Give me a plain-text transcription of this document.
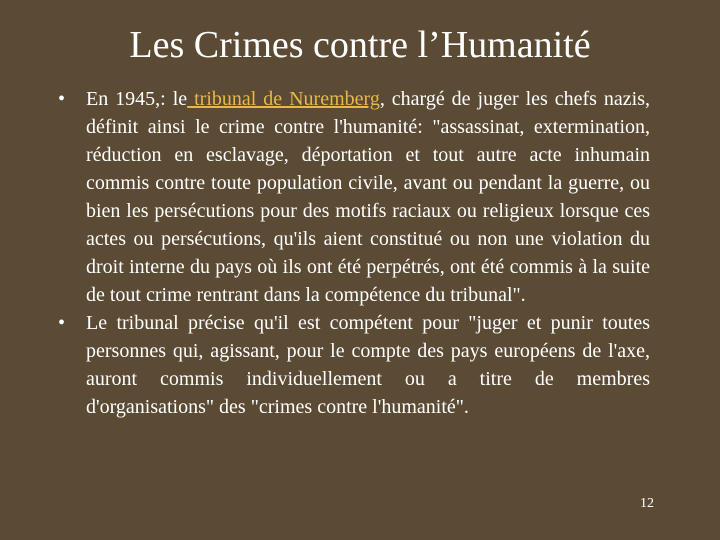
Les Crimes contre l’Humanité
•	En 1945,: le tribunal de Nuremberg, chargé de juger les chefs nazis, définit ainsi le crime contre l'humanité: "assassinat, extermination, réduction en esclavage, déportation et tout autre acte inhumain commis contre toute population civile, avant ou pendant la guerre, ou bien les persécutions pour des motifs raciaux ou religieux lorsque ces actes ou persécutions, qu'ils aient constitué ou non une violation du droit interne du pays où ils ont été perpétrés, ont été commis à la suite de tout crime rentrant dans la compétence du tribunal".
•	Le tribunal précise qu'il est compétent pour "juger et punir toutes personnes qui, agissant, pour le compte des pays européens de l'axe, auront commis individuellement ou a titre de membres d'organisations" des "crimes contre l'humanité".
12
